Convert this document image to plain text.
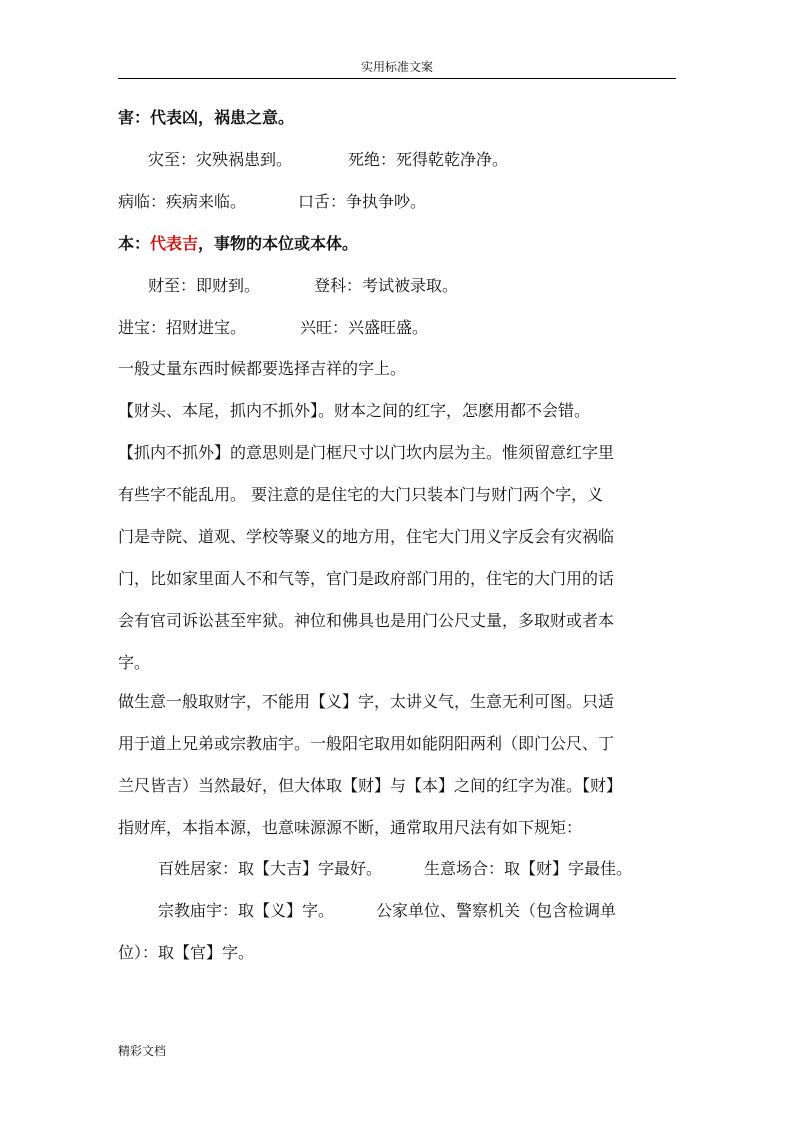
实用标准文案
害：代表凶，祸患之意。
灾至：灾殃祸患到。	死绝：死得乾乾净净。
病临：疾病来临。	口舌：争执争吵。
本：代表吉，事物的本位或本体。
财至：即财到。	登科：考试被录取。
进宝：招财进宝。	兴旺：兴盛旺盛。
一般丈量东西时候都要选择吉祥的字上。
【财头、本尾，抓内不抓外】。财本之间的红字，怎麽用都不会错。
【抓内不抓外】的意思则是门框尺寸以门坎内层为主。惟须留意红字里
有些字不能乱用。 要注意的是住宅的大门只装本门与财门两个字，义
门是寺院、道观、学校等聚义的地方用，住宅大门用义字反会有灾祸临
门，比如家里面人不和气等，官门是政府部门用的，住宅的大门用的话
会有官司诉讼甚至牢狱。神位和佛具也是用门公尺丈量，多取财或者本
字。
做生意一般取财字，不能用【义】字，太讲义气，生意无利可图。只适
用于道上兄弟或宗教庙宇。一般阳宅取用如能阴阳两利（即门公尺、丁
兰尺皆吉）当然最好，但大体取【财】与【本】之间的红字为准。【财】
指财库，本指本源，也意味源源不断，通常取用尺法有如下规矩：
百姓居家：取【大吉】字最好。	生意场合：取【财】字最佳。
宗教庙宇：取【义】字。	公家单位、警察机关（包含检调单
位）：取【官】字。
精彩文档
